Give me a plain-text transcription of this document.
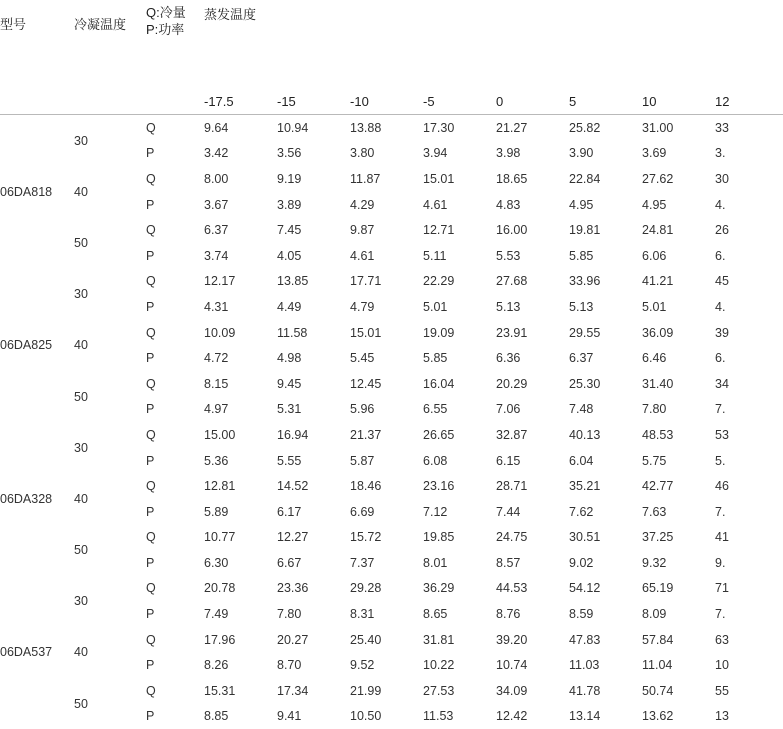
型号	冷凝温度	Q:冷量
P:功率	蒸发温度							
			-17.5	-15	-10	-5	0	5	10	12

06DA818	30	Q	9.64	10.94	13.88	17.30	21.27	25.82	31.00	33
		P	3.42	3.56	3.80	3.94	3.98	3.90	3.69	3.
	40	Q	8.00	9.19	11.87	15.01	18.65	22.84	27.62	30
		P	3.67	3.89	4.29	4.61	4.83	4.95	4.95	4.
	50	Q	6.37	7.45	9.87	12.71	16.00	19.81	24.81	26
		P	3.74	4.05	4.61	5.11	5.53	5.85	6.06	6.
06DA825	30	Q	12.17	13.85	17.71	22.29	27.68	33.96	41.21	45
		P	4.31	4.49	4.79	5.01	5.13	5.13	5.01	4.
	40	Q	10.09	11.58	15.01	19.09	23.91	29.55	36.09	39
		P	4.72	4.98	5.45	5.85	6.36	6.37	6.46	6.
	50	Q	8.15	9.45	12.45	16.04	20.29	25.30	31.40	34
		P	4.97	5.31	5.96	6.55	7.06	7.48	7.80	7.
06DA328	30	Q	15.00	16.94	21.37	26.65	32.87	40.13	48.53	53
		P	5.36	5.55	5.87	6.08	6.15	6.04	5.75	5.
	40	Q	12.81	14.52	18.46	23.16	28.71	35.21	42.77	46
		P	5.89	6.17	6.69	7.12	7.44	7.62	7.63	7.
	50	Q	10.77	12.27	15.72	19.85	24.75	30.51	37.25	41
		P	6.30	6.67	7.37	8.01	8.57	9.02	9.32	9.
06DA537	30	Q	20.78	23.36	29.28	36.29	44.53	54.12	65.19	71
		P	7.49	7.80	8.31	8.65	8.76	8.59	8.09	7.
	40	Q	17.96	20.27	25.40	31.81	39.20	47.83	57.84	63
		P	8.26	8.70	9.52	10.22	10.74	11.03	11.04	10
	50	Q	15.31	17.34	21.99	27.53	34.09	41.78	50.74	55
		P	8.85	9.41	10.50	11.53	12.42	13.14	13.62	13
